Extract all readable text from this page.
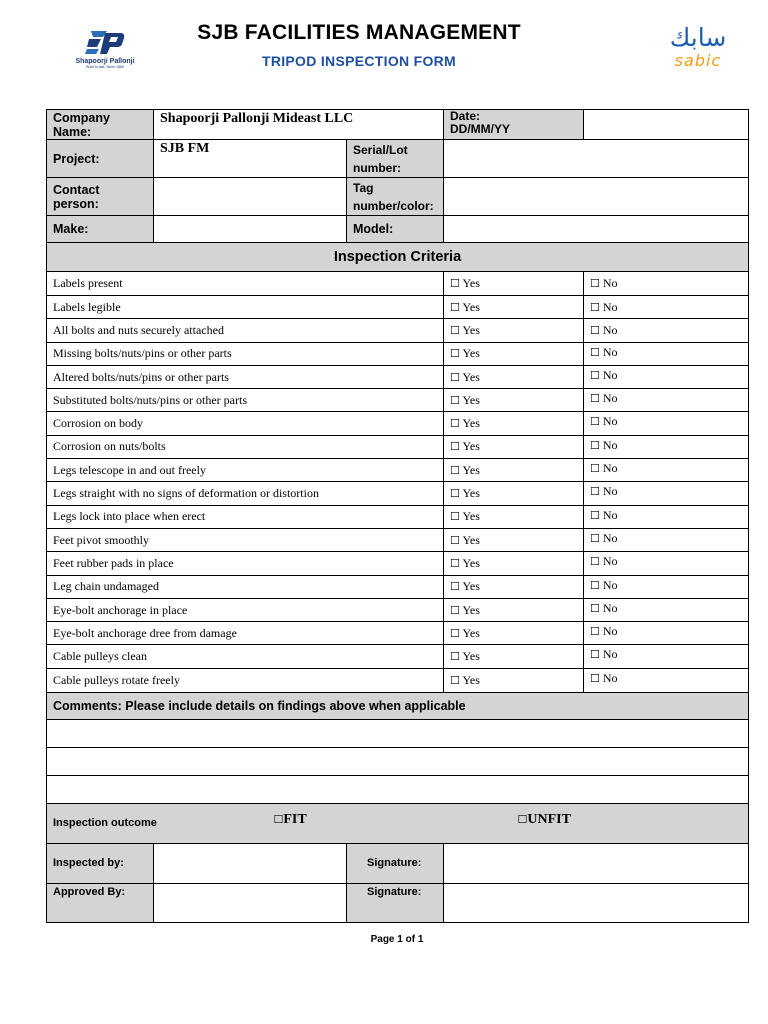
Shapoorji Pallonji
Build to last. Since 1865
SJB FACILITIES MANAGEMENT
TRIPOD INSPECTION FORM
سابك
sabic
Company Name:	Shapoorji Pallonji Mideast LLC			Date:
DD/MM/YY	

Project:	SJB FM		Serial/Lot
number:		

Contact person:			Tag
number/color:		

Make:			Model:		
Inspection Criteria					
Labels present				☐ Yes	☐ No
Labels legible				☐ Yes	☐ No
All bolts and nuts securely attached				☐ Yes	☐ No
Missing bolts/nuts/pins or other parts				☐ Yes	☐ No
Altered bolts/nuts/pins or other parts				☐ Yes	☐ No
Substituted bolts/nuts/pins or other parts				☐ Yes	☐ No
Corrosion on body				☐ Yes	☐ No
Corrosion on nuts/bolts				☐ Yes	☐ No
Legs telescope in and out freely				☐ Yes	☐ No
Legs straight with no signs of deformation or distortion				☐ Yes	☐ No
Legs lock into place when erect				☐ Yes	☐ No
Feet pivot smoothly				☐ Yes	☐ No
Feet rubber pads in place				☐ Yes	☐ No
Leg chain undamaged				☐ Yes	☐ No
Eye-bolt anchorage in place				☐ Yes	☐ No
Eye-bolt anchorage dree from damage				☐ Yes	☐ No
Cable pulleys clean				☐ Yes	☐ No
Cable pulleys rotate freely				☐ Yes	☐ No
Comments: Please include details on findings above when applicable					

Inspection outcome		☐FIT		☐UNFIT	
Inspected by:			Signature:		
Approved By:			Signature:		
Page 1 of 1
